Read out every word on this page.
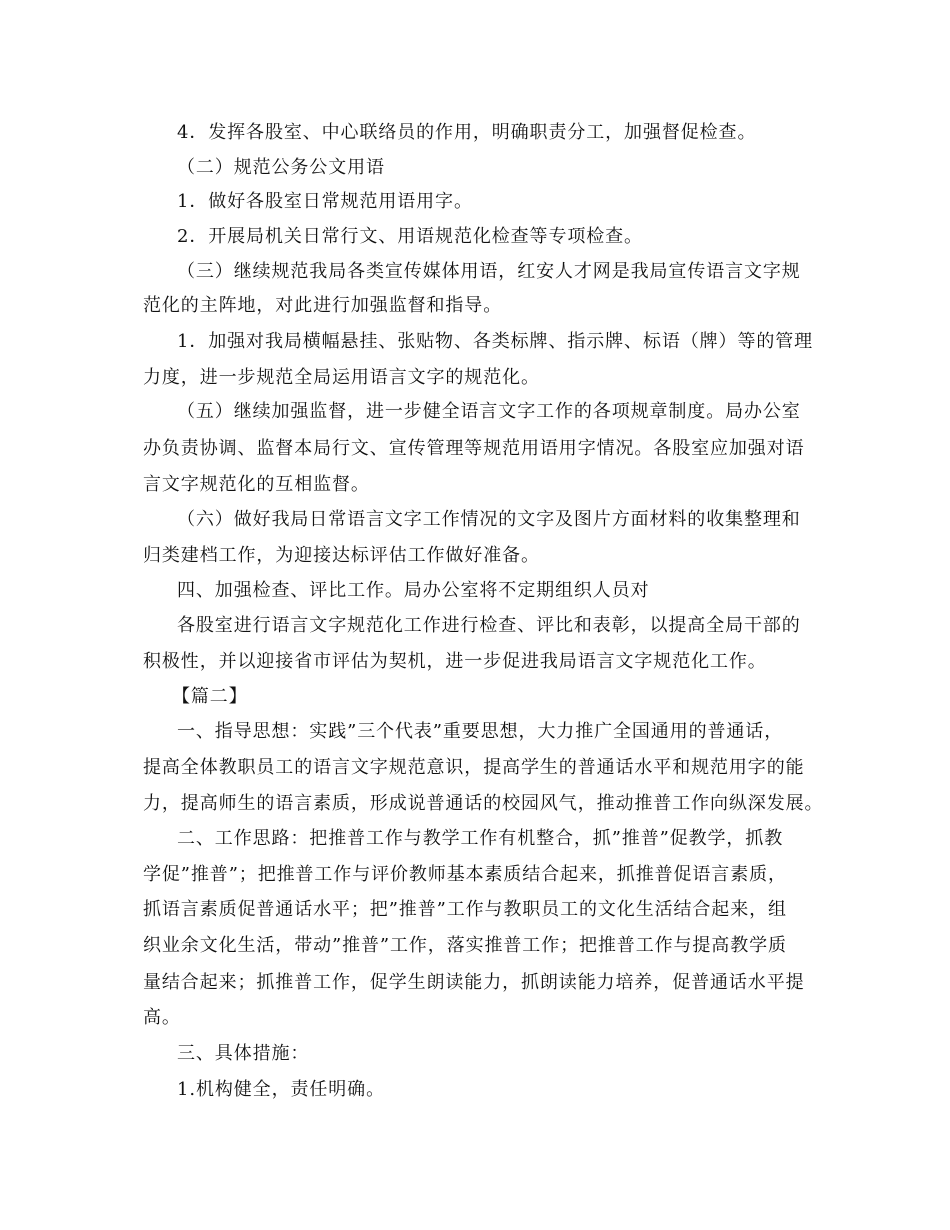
4．发挥各股室、中心联络员的作用，明确职责分工，加强督促检查。
（二）规范公务公文用语
1．做好各股室日常规范用语用字。
2．开展局机关日常行文、用语规范化检查等专项检查。
（三）继续规范我局各类宣传媒体用语，红安人才网是我局宣传语言文字规
范化的主阵地，对此进行加强监督和指导。
1．加强对我局横幅悬挂、张贴物、各类标牌、指示牌、标语（牌）等的管理
力度，进一步规范全局运用语言文字的规范化。
（五）继续加强监督，进一步健全语言文字工作的各项规章制度。局办公室
办负责协调、监督本局行文、宣传管理等规范用语用字情况。各股室应加强对语
言文字规范化的互相监督。
（六）做好我局日常语言文字工作情况的文字及图片方面材料的收集整理和
归类建档工作，为迎接达标评估工作做好准备。
四、加强检查、评比工作。局办公室将不定期组织人员对
各股室进行语言文字规范化工作进行检查、评比和表彰，以提高全局干部的
积极性，并以迎接省市评估为契机，进一步促进我局语言文字规范化工作。
【篇二】
一、指导思想：实践”三个代表”重要思想，大力推广全国通用的普通话，
提高全体教职员工的语言文字规范意识，提高学生的普通话水平和规范用字的能
力，提高师生的语言素质，形成说普通话的校园风气，推动推普工作向纵深发展。
二、工作思路：把推普工作与教学工作有机整合，抓”推普”促教学，抓教
学促”推普”；把推普工作与评价教师基本素质结合起来，抓推普促语言素质，
抓语言素质促普通话水平；把”推普”工作与教职员工的文化生活结合起来，组
织业余文化生活，带动”推普”工作，落实推普工作；把推普工作与提高教学质
量结合起来；抓推普工作，促学生朗读能力，抓朗读能力培养，促普通话水平提
高。
三、具体措施：
1.机构健全，责任明确。
